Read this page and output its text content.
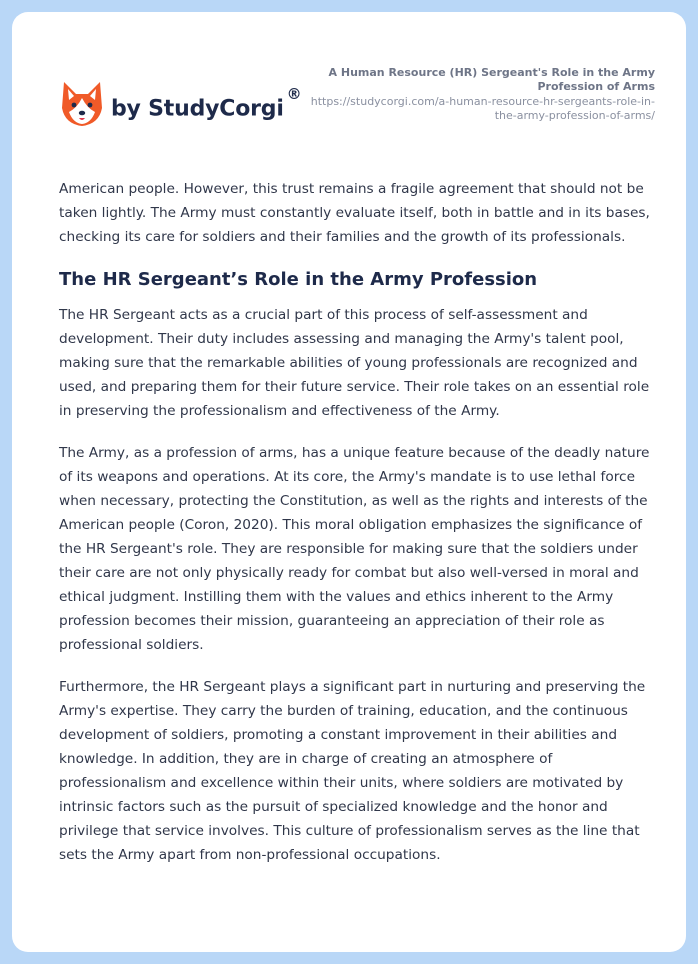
by StudyCorgi®
A Human Resource (HR) Sergeant's Role in the Army Profession of Arms
https://studycorgi.com/a-human-resource-hr-sergeants-role-in-the-army-profession-of-arms/

American people. However, this trust remains a fragile agreement that should not be taken lightly. The Army must constantly evaluate itself, both in battle and in its bases, checking its care for soldiers and their families and the growth of its professionals.

The HR Sergeant’s Role in the Army Profession

The HR Sergeant acts as a crucial part of this process of self-assessment and development. Their duty includes assessing and managing the Army's talent pool, making sure that the remarkable abilities of young professionals are recognized and used, and preparing them for their future service. Their role takes on an essential role in preserving the professionalism and effectiveness of the Army.

The Army, as a profession of arms, has a unique feature because of the deadly nature of its weapons and operations. At its core, the Army's mandate is to use lethal force when necessary, protecting the Constitution, as well as the rights and interests of the American people (Coron, 2020). This moral obligation emphasizes the significance of the HR Sergeant's role. They are responsible for making sure that the soldiers under their care are not only physically ready for combat but also well-versed in moral and ethical judgment. Instilling them with the values and ethics inherent to the Army profession becomes their mission, guaranteeing an appreciation of their role as professional soldiers.

Furthermore, the HR Sergeant plays a significant part in nurturing and preserving the Army's expertise. They carry the burden of training, education, and the continuous development of soldiers, promoting a constant improvement in their abilities and knowledge. In addition, they are in charge of creating an atmosphere of professionalism and excellence within their units, where soldiers are motivated by intrinsic factors such as the pursuit of specialized knowledge and the honor and privilege that service involves. This culture of professionalism serves as the line that sets the Army apart from non-professional occupations.
